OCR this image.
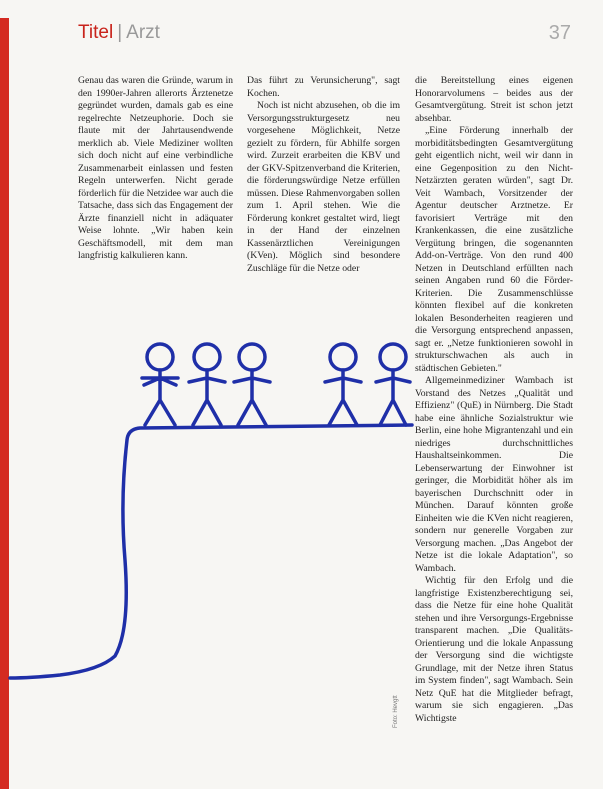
Titel | Arzt	37

Genau das waren die Gründe, warum in den 1990er-Jahren allerorts Ärztenetze gegründet wurden, damals gab es eine regelrechte Netzeuphorie. Doch sie flaute mit der Jahrtausendwende merklich ab. Viele Mediziner wollten sich doch nicht auf eine verbindliche Zusammenarbeit einlassen und festen Regeln unterwerfen. Nicht gerade förderlich für die Netzidee war auch die Tatsache, dass sich das Engagement der Ärzte finanziell nicht in adäquater Weise lohnte. „Wir haben kein Geschäftsmodell, mit dem man langfristig kalkulieren kann.

Das führt zu Verunsicherung", sagt Kochen.

Noch ist nicht abzusehen, ob die im Versorgungsstrukturgesetz neu vorgesehene Möglichkeit, Netze gezielt zu fördern, für Abhilfe sorgen wird. Zurzeit erarbeiten die KBV und der GKV-Spitzenverband die Kriterien, die förderungswürdige Netze erfüllen müssen. Diese Rahmenvorgaben sollen zum 1. April stehen. Wie die Förderung konkret gestaltet wird, liegt in der Hand der einzelnen Kassenärztlichen Vereinigungen (KVen). Möglich sind besondere Zuschläge für die Netze oder

die Bereitstellung eines eigenen Honorarvolumens – beides aus der Gesamtvergütung. Streit ist schon jetzt absehbar.

„Eine Förderung innerhalb der morbiditätsbedingten Gesamtvergütung geht eigentlich nicht, weil wir dann in eine Gegenposition zu den Nicht-Netzärzten geraten würden", sagt Dr. Veit Wambach, Vorsitzender der Agentur deutscher Arztnetze. Er favorisiert Verträge mit den Krankenkassen, die eine zusätzliche Vergütung bringen, die sogenannten Add-on-Verträge. Von den rund 400 Netzen in Deutschland erfüllten nach seinen Angaben rund 60 die Förder-Kriterien. Die Zusammenschlüsse könnten flexibel auf die konkreten lokalen Besonderheiten reagieren und die Versorgung entsprechend anpassen, sagt er. „Netze funktionieren sowohl in strukturschwachen als auch in städtischen Gebieten."

Allgemeinmediziner Wambach ist Vorstand des Netzes „Qualität und Effizienz" (QuE) in Nürnberg. Die Stadt habe eine ähnliche Sozialstruktur wie Berlin, eine hohe Migrantenzahl und ein niedriges durchschnittliches Haushaltseinkommen. Die Lebenserwartung der Einwohner ist geringer, die Morbidität höher als im bayerischen Durchschnitt oder in München. Darauf könnten große Einheiten wie die KVen nicht reagieren, sondern nur generelle Vorgaben zur Versorgung machen. „Das Angebot der Netze ist die lokale Adaptation", so Wambach.

Wichtig für den Erfolg und die langfristige Existenzberechtigung sei, dass die Netze für eine hohe Qualität stehen und ihre Versorgungs-Ergebnisse transparent machen. „Die Qualitäts-Orientierung und die lokale Anpassung der Versorgung sind die wichtigste Grundlage, mit der Netze ihren Status im System finden", sagt Wambach. Sein Netz QuE hat die Mitglieder befragt, warum sie sich engagieren. „Das Wichtigste

Foto: Hevgtt
